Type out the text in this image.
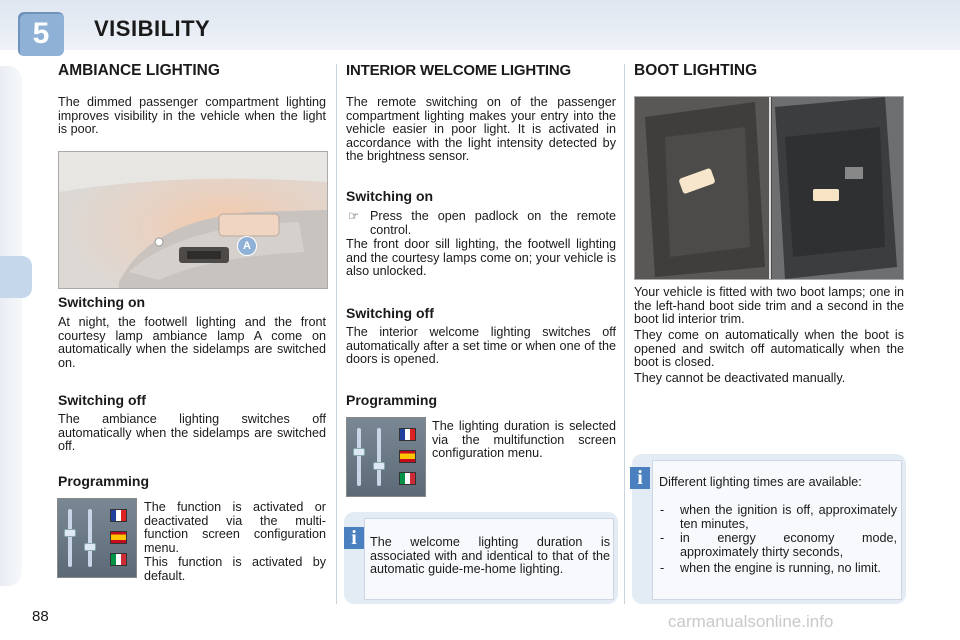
5	VISIBILITY
AMBIANCE LIGHTING
The dimmed passenger compartment lighting improves visibility in the vehicle when the light is poor.
A
Switching on
At night, the footwell lighting and the front courtesy lamp ambiance lamp A come on automatically when the sidelamps are switched on.
Switching off
The ambiance lighting switches off automatically when the sidelamps are switched off.
Programming
The function is activated or deactivated via the multi-function screen configuration menu.
This function is activated by default.
INTERIOR WELCOME LIGHTING
The remote switching on of the passenger compartment lighting makes your entry into the vehicle easier in poor light. It is activated in accordance with the light intensity detected by the brightness sensor.
Switching on
☞ Press the open padlock on the remote control.
The front door sill lighting, the footwell lighting and the courtesy lamps come on; your vehicle is also unlocked.
Switching off
The interior welcome lighting switches off automatically after a set time or when one of the doors is opened.
Programming
The lighting duration is selected via the multifunction screen configuration menu.
i	The welcome lighting duration is associated with and identical to that of the automatic guide-me-home lighting.
BOOT LIGHTING
Your vehicle is fitted with two boot lamps; one in the left-hand boot side trim and a second in the boot lid interior trim.
They come on automatically when the boot is opened and switch off automatically when the boot is closed.
They cannot be deactivated manually.
i	Different lighting times are available:
-	when the ignition is off, approximately ten minutes,
-	in energy economy mode, approximately thirty seconds,
-	when the engine is running, no limit.
88	carmanualsonline.info
